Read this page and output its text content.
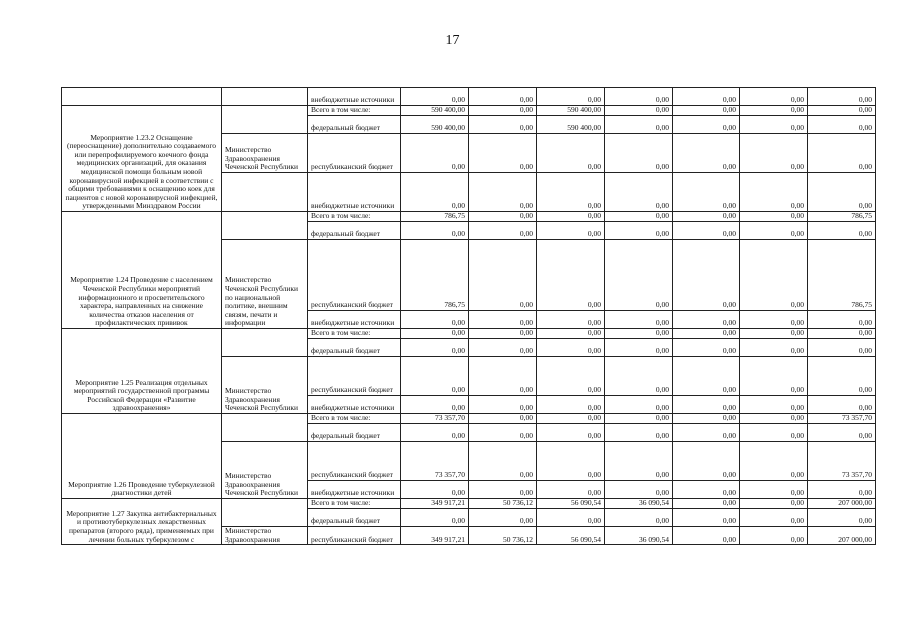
17
		внебюджетные источники	0,00	0,00	0,00	0,00	0,00	0,00	0,00
Мероприятие 1.23.2 Оснащение (переоснащение) дополнительно создаваемого или перепрофилируемого коечного фонда медицинских организаций, для оказания медицинской помощи больным новой коронавирусной инфекцией в соответствии с общими требованиями к оснащению коек для пациентов с новой коронавирусной инфекцией, утвержденными Минздравом России		Всего в том числе:	590 400,00	0,00	590 400,00	0,00	0,00	0,00	0,00
		федеральный бюджет	590 400,00	0,00	590 400,00	0,00	0,00	0,00	0,00
	Министерство Здравоохранения Чеченской Республики	республиканский бюджет	0,00	0,00	0,00	0,00	0,00	0,00	0,00
		внебюджетные источники	0,00	0,00	0,00	0,00	0,00	0,00	0,00
Мероприятие 1.24 Проведение с населением Чеченской Республики мероприятий информационного и просветительского характера, направленных на снижение количества отказов населения от профилактических прививок		Всего в том числе:	786,75	0,00	0,00	0,00	0,00	0,00	786,75
		федеральный бюджет	0,00	0,00	0,00	0,00	0,00	0,00	0,00
	Министерство Чеченской Республики по национальной политике, внешним связям, печати и информации	республиканский бюджет	786,75	0,00	0,00	0,00	0,00	0,00	786,75
		внебюджетные источники	0,00	0,00	0,00	0,00	0,00	0,00	0,00
Мероприятие 1.25 Реализация отдельных мероприятий государственной программы Российской Федерации «Развитие здравоохранения»		Всего в том числе:	0,00	0,00	0,00	0,00	0,00	0,00	0,00
		федеральный бюджет	0,00	0,00	0,00	0,00	0,00	0,00	0,00
	Министерство Здравоохранения Чеченской Республики	республиканский бюджет	0,00	0,00	0,00	0,00	0,00	0,00	0,00
		внебюджетные источники	0,00	0,00	0,00	0,00	0,00	0,00	0,00
Мероприятие 1.26 Проведение туберкулезной диагностики детей		Всего в том числе:	73 357,70	0,00	0,00	0,00	0,00	0,00	73 357,70
		федеральный бюджет	0,00	0,00	0,00	0,00	0,00	0,00	0,00
	Министерство Здравоохранения Чеченской Республики	республиканский бюджет	73 357,70	0,00	0,00	0,00	0,00	0,00	73 357,70
		внебюджетные источники	0,00	0,00	0,00	0,00	0,00	0,00	0,00
Мероприятие 1.27 Закупка антибактериальных и противотуберкулезных лекарственных препаратов (второго ряда), применяемых при лечении больных туберкулезом с		Всего в том числе:	349 917,21	50 736,12	56 090,54	36 090,54	0,00	0,00	207 000,00
		федеральный бюджет	0,00	0,00	0,00	0,00	0,00	0,00	0,00
	Министерство Здравоохранения	республиканский бюджет	349 917,21	50 736,12	56 090,54	36 090,54	0,00	0,00	207 000,00
